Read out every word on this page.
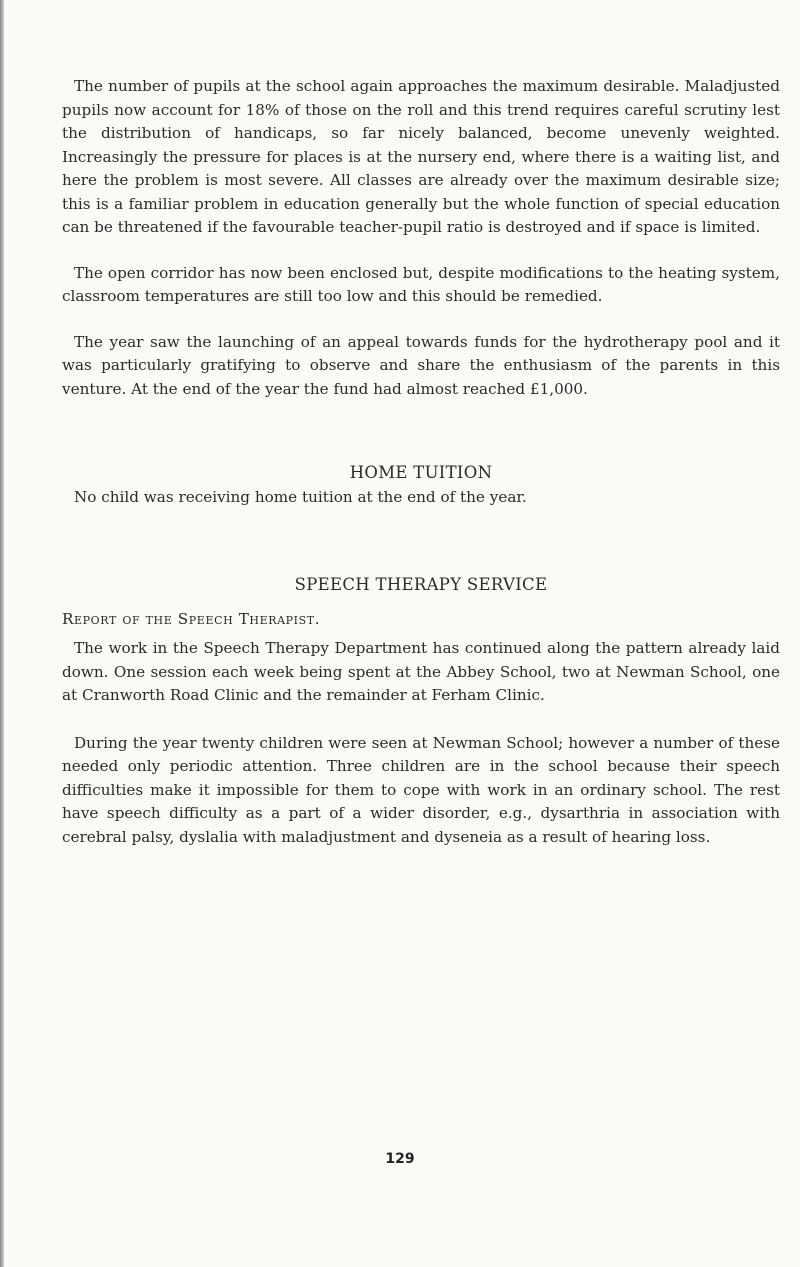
The number of pupils at the school again approaches the maximum desirable. Maladjusted pupils now account for 18% of those on the roll and this trend requires careful scrutiny lest the distribution of handicaps, so far nicely balanced, become unevenly weighted. Increasingly the pressure for places is at the nursery end, where there is a waiting list, and here the problem is most severe. All classes are already over the maximum desirable size; this is a familiar problem in education generally but the whole function of special education can be threatened if the favourable teacher-pupil ratio is destroyed and if space is limited.

The open corridor has now been enclosed but, despite modifications to the heating system, classroom temperatures are still too low and this should be remedied.

The year saw the launching of an appeal towards funds for the hydrotherapy pool and it was particularly gratifying to observe and share the enthusiasm of the parents in this venture. At the end of the year the fund had almost reached £1,000.

HOME TUITION

No child was receiving home tuition at the end of the year.

SPEECH THERAPY SERVICE

Report of the Speech Therapist.

The work in the Speech Therapy Department has continued along the pattern already laid down. One session each week being spent at the Abbey School, two at Newman School, one at Cranworth Road Clinic and the remainder at Ferham Clinic.

During the year twenty children were seen at Newman School; however a number of these needed only periodic attention. Three children are in the school because their speech difficulties make it impossible for them to cope with work in an ordinary school. The rest have speech difficulty as a part of a wider disorder, e.g., dysarthria in association with cerebral palsy, dyslalia with maladjustment and dyseneia as a result of hearing loss.

129
